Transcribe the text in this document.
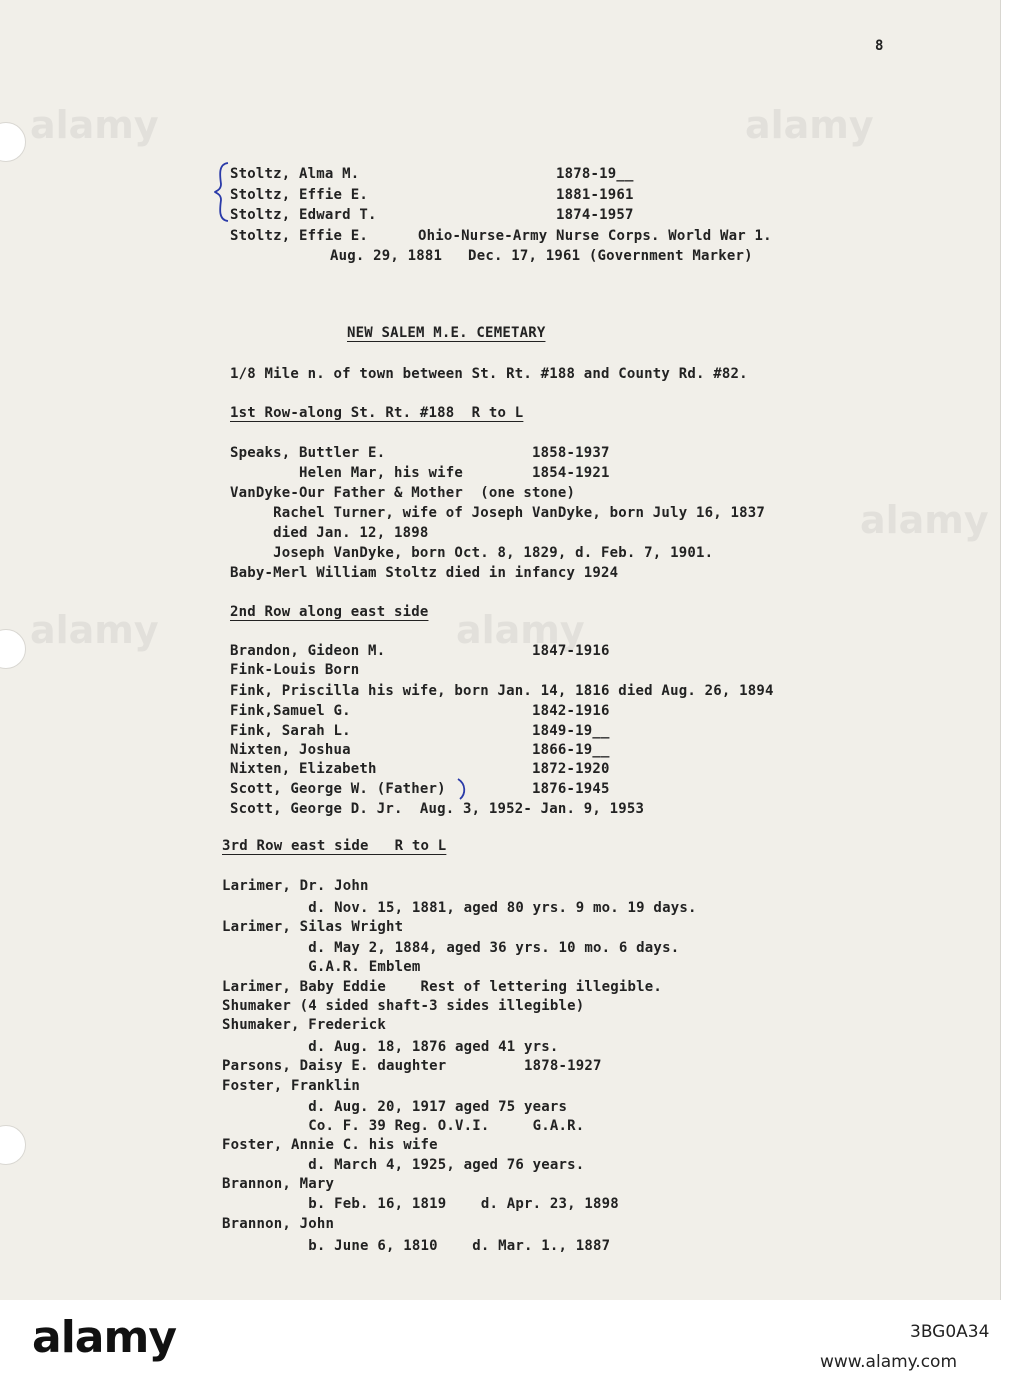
alamy
alamy
alamy
alamy
alamy
8
Stoltz, Alma M.	1878-19__
Stoltz, Effie E.	1881-1961
Stoltz, Edward T.	1874-1957
Stoltz, Effie E.	Ohio-Nurse-Army Nurse Corps. World War 1.
Aug. 29, 1881   Dec. 17, 1961 (Government Marker)
NEW SALEM M.E. CEMETARY
1/8 Mile n. of town between St. Rt. #188 and County Rd. #82.
1st Row-along St. Rt. #188  R to L
Speaks, Buttler E.                 1858-1937
Helen Mar, his wife        1854-1921
VanDyke-Our Father & Mother  (one stone)
Rachel Turner, wife of Joseph VanDyke, born July 16, 1837
died Jan. 12, 1898
Joseph VanDyke, born Oct. 8, 1829, d. Feb. 7, 1901.
Baby-Merl William Stoltz died in infancy 1924
2nd Row along east side
Brandon, Gideon M.                 1847-1916
Fink-Louis Born
Fink, Priscilla his wife, born Jan. 14, 1816 died Aug. 26, 1894
Fink,Samuel G.                     1842-1916
Fink, Sarah L.                     1849-19__
Nixten, Joshua                     1866-19__
Nixten, Elizabeth                  1872-1920
Scott, George W. (Father)          1876-1945
Scott, George D. Jr.  Aug. 3, 1952- Jan. 9, 1953
3rd Row east side   R to L
Larimer, Dr. John
d. Nov. 15, 1881, aged 80 yrs. 9 mo. 19 days.
Larimer, Silas Wright
d. May 2, 1884, aged 36 yrs. 10 mo. 6 days.
G.A.R. Emblem
Larimer, Baby Eddie    Rest of lettering illegible.
Shumaker (4 sided shaft-3 sides illegible)
Shumaker, Frederick
d. Aug. 18, 1876 aged 41 yrs.
Parsons, Daisy E. daughter         1878-1927
Foster, Franklin
d. Aug. 20, 1917 aged 75 years
Co. F. 39 Reg. O.V.I.     G.A.R.
Foster, Annie C. his wife
d. March 4, 1925, aged 76 years.
Brannon, Mary
b. Feb. 16, 1819    d. Apr. 23, 1898
Brannon, John
b. June 6, 1810    d. Mar. 1., 1887
alamy	3BG0A34
www.alamy.com
